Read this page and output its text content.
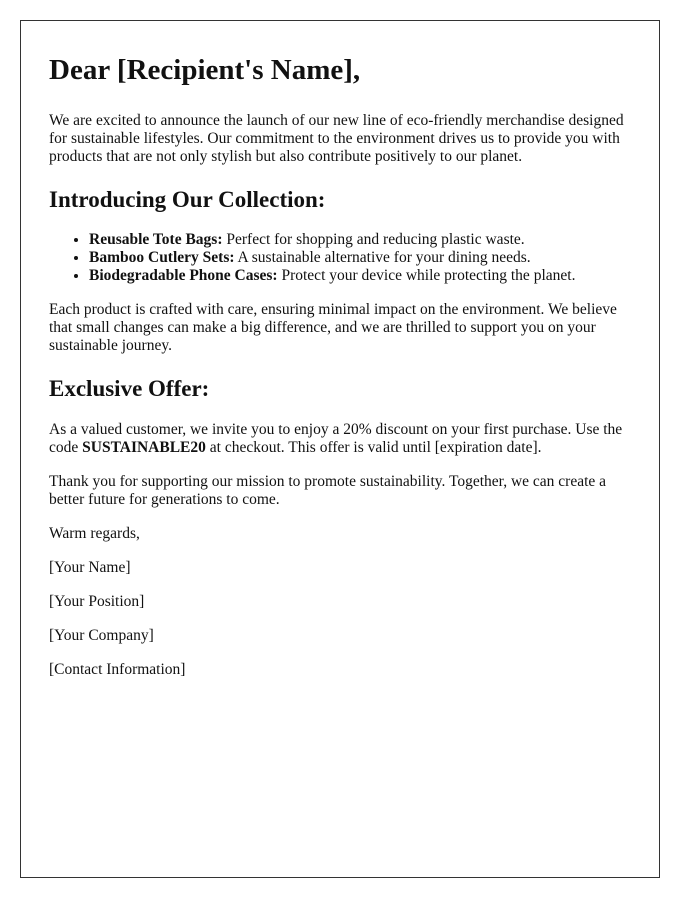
Dear [Recipient's Name],

We are excited to announce the launch of our new line of eco-friendly merchandise designed for sustainable lifestyles. Our commitment to the environment drives us to provide you with products that are not only stylish but also contribute positively to our planet.

Introducing Our Collection:
• Reusable Tote Bags: Perfect for shopping and reducing plastic waste.
• Bamboo Cutlery Sets: A sustainable alternative for your dining needs.
• Biodegradable Phone Cases: Protect your device while protecting the planet.

Each product is crafted with care, ensuring minimal impact on the environment. We believe that small changes can make a big difference, and we are thrilled to support you on your sustainable journey.

Exclusive Offer:

As a valued customer, we invite you to enjoy a 20% discount on your first purchase. Use the code SUSTAINABLE20 at checkout. This offer is valid until [expiration date].

Thank you for supporting our mission to promote sustainability. Together, we can create a better future for generations to come.

Warm regards,

[Your Name]

[Your Position]

[Your Company]

[Contact Information]
